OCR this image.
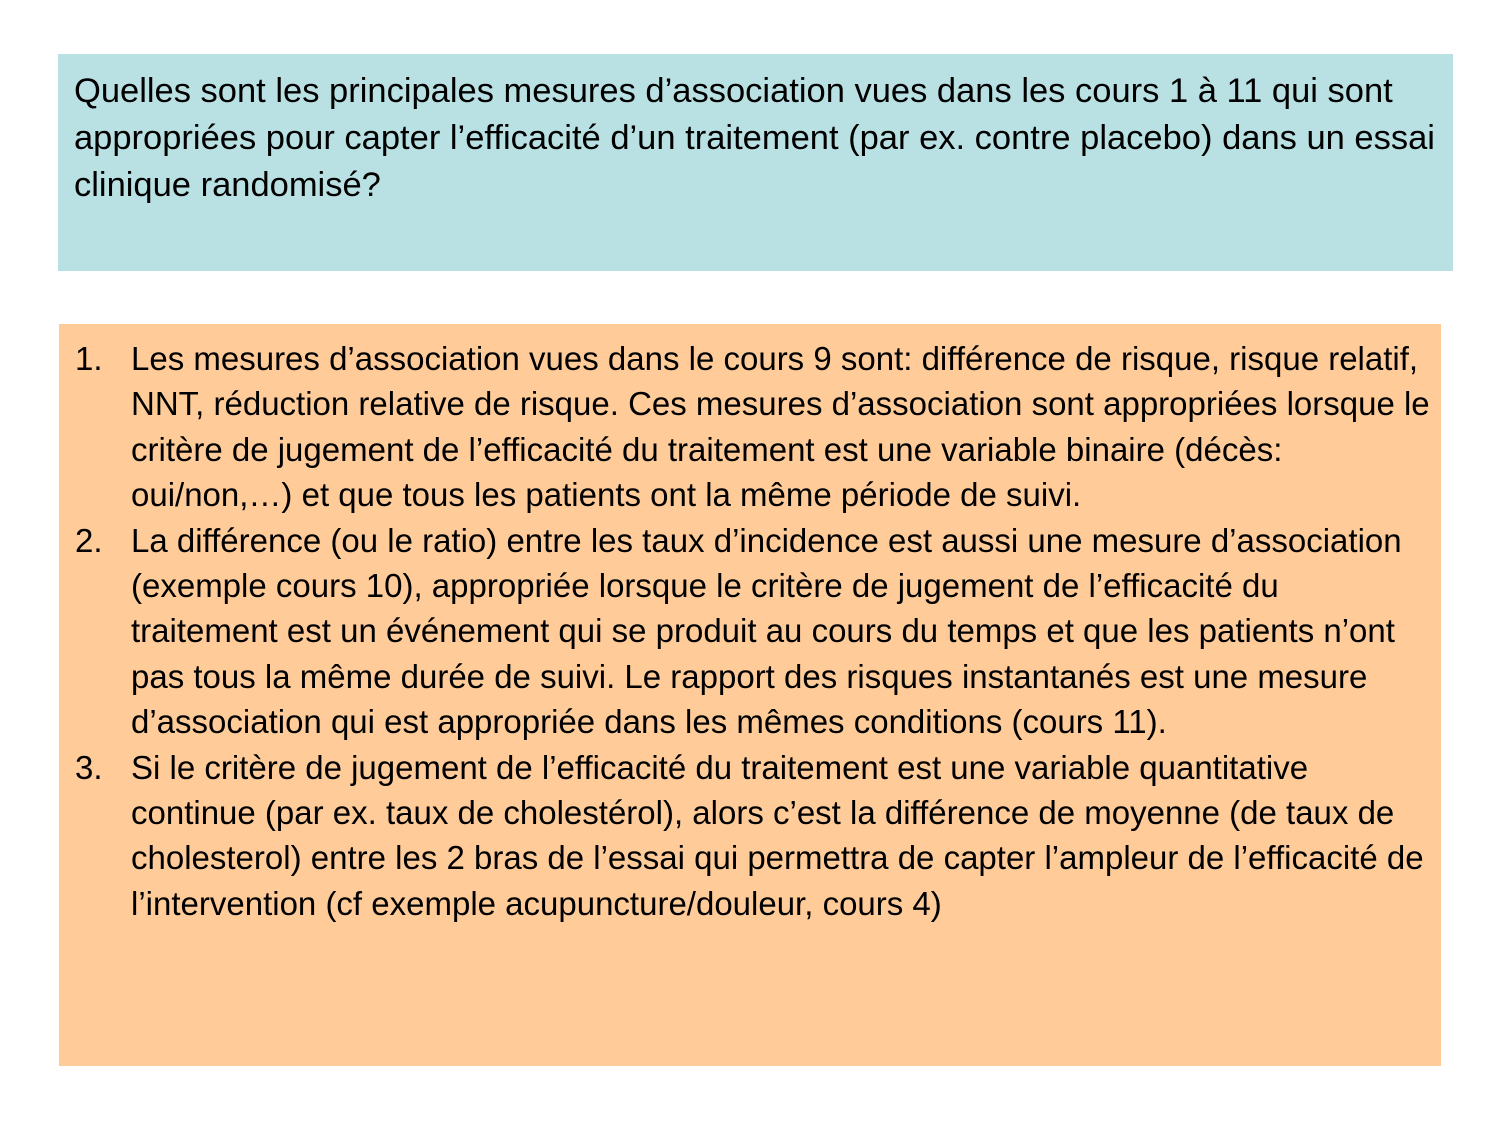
Quelles sont les principales mesures d’association vues dans les cours 1 à 11 qui sont appropriées pour capter l’efficacité d’un traitement (par ex. contre placebo) dans un essai clinique randomisé?
1. Les mesures d’association vues dans le cours 9 sont: différence de risque, risque relatif, NNT, réduction relative de risque. Ces mesures d’association sont appropriées lorsque le critère de jugement de l’efficacité du traitement est une variable binaire (décès: oui/non,…) et que tous les patients ont la même période de suivi.
2. La différence (ou le ratio) entre les taux d’incidence est aussi une mesure d’association (exemple cours 10), appropriée lorsque le critère de jugement de l’efficacité du traitement est un événement qui se produit au cours du temps et que les patients n’ont pas tous la même durée de suivi. Le rapport des risques instantanés est une mesure d’association qui est appropriée dans les mêmes conditions (cours 11).
3. Si le critère de jugement de l’efficacité du traitement est une variable quantitative continue (par ex. taux de cholestérol), alors c’est la différence de moyenne (de taux de cholesterol) entre les 2 bras de l’essai qui permettra de capter l’ampleur de l’efficacité de l’intervention (cf exemple acupuncture/douleur, cours 4)
